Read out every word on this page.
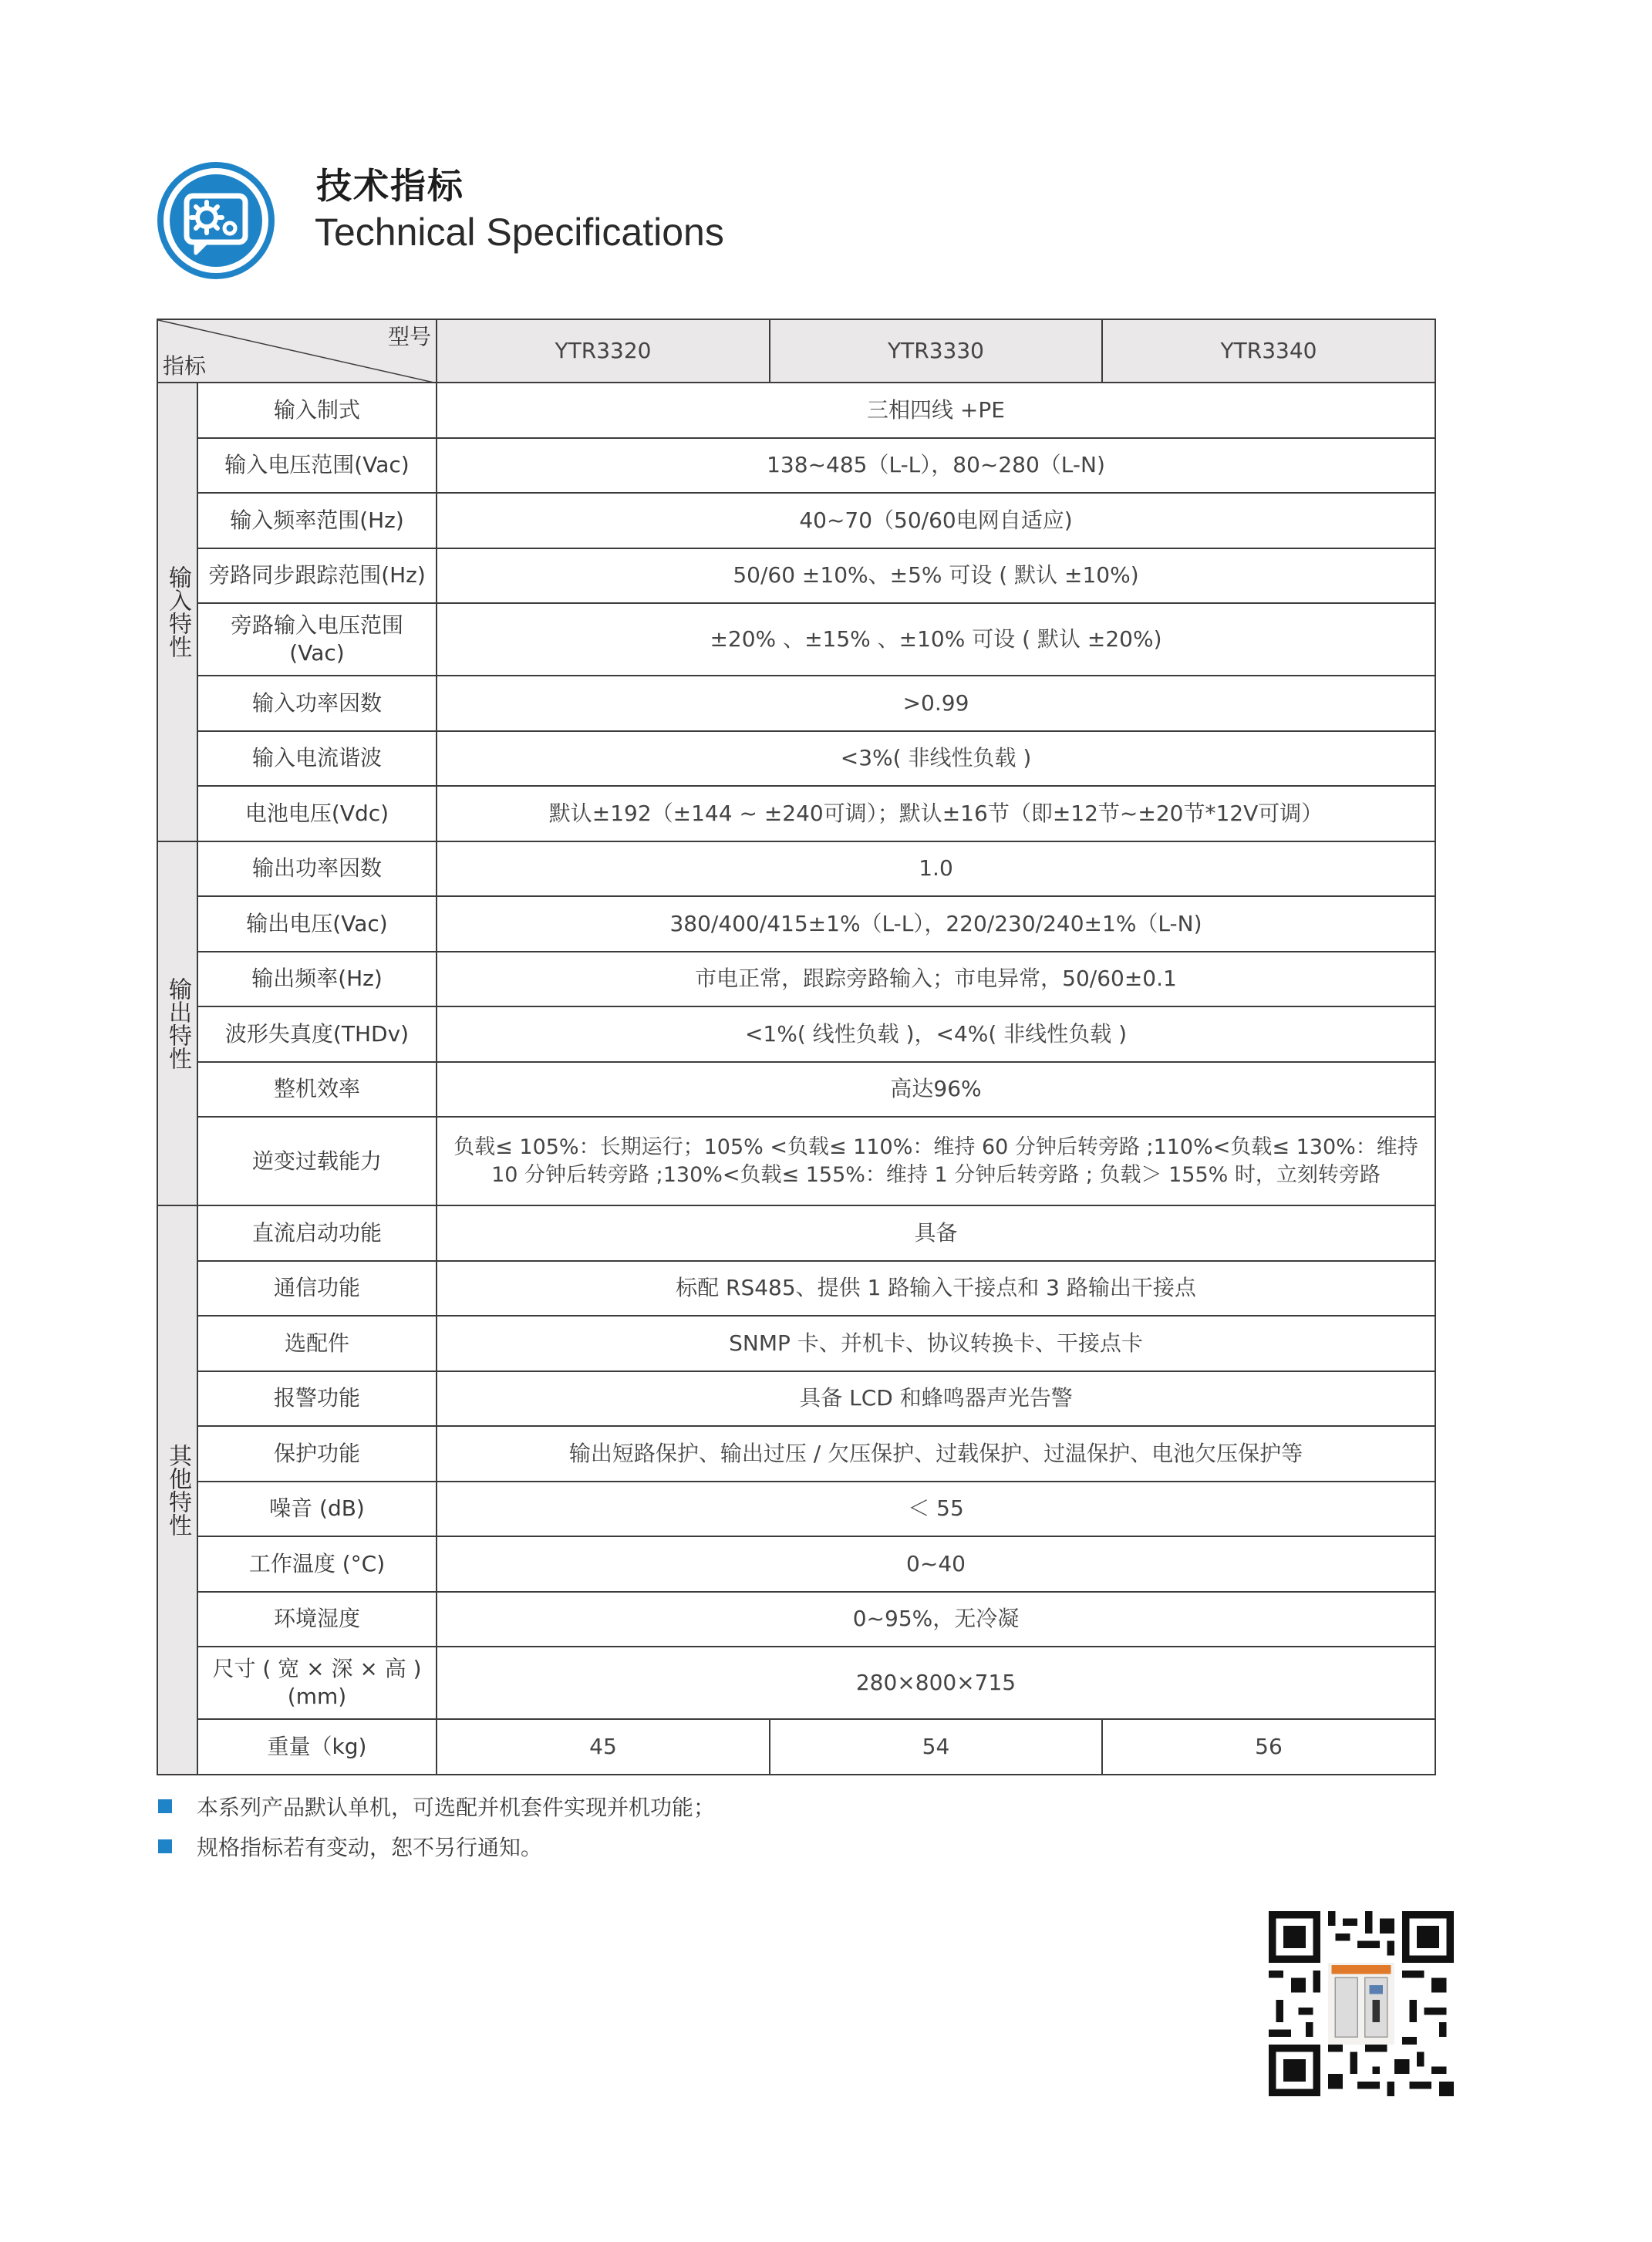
技术指标
Technical Specifications
型号
指标		YTR3320	YTR3330	YTR3340

输入特性	输入制式	三相四线 +PE		
	输入电压范围(Vac)	138~485（L-L），80~280（L-N)		
	输入频率范围(Hz)	40~70（50/60电网自适应)		
	旁路同步跟踪范围(Hz)	50/60 ±10%、±5% 可设 ( 默认 ±10%)		
	旁路输入电压范围(Vac)	±20% 、±15% 、±10% 可设 ( 默认 ±20%)		
	输入功率因数	>0.99		
	输入电流谐波	<3%( 非线性负载 )		
	电池电压(Vdc)	默认±192（±144 ~ ±240可调）；默认±16节（即±12节~±20节*12V可调）		

输出特性	输出功率因数	1.0		
	输出电压(Vac)	380/400/415±1%（L-L），220/230/240±1%（L-N)		
	输出频率(Hz)	市电正常，跟踪旁路输入；市电异常，50/60±0.1		
	波形失真度(THDv)	<1%( 线性负载 )，<4%( 非线性负载 )		
	整机效率	高达96%		
	逆变过载能力	负载≤ 105%：长期运行；105% <负载≤ 110%：维持 60 分钟后转旁路 ;110%<负载≤ 130%：维持 10 分钟后转旁路 ;130%<负载≤ 155%：维持 1 分钟后转旁路 ; 负载＞ 155% 时，立刻转旁路		

其他特性	直流启动功能	具备		
	通信功能	标配 RS485、提供 1 路输入干接点和 3 路输出干接点		
	选配件	SNMP 卡、并机卡、协议转换卡、干接点卡		
	报警功能	具备 LCD 和蜂鸣器声光告警		
	保护功能	输出短路保护、输出过压 / 欠压保护、过载保护、过温保护、电池欠压保护等		
	噪音 (dB)	＜ 55		
	工作温度 (°C)	0~40		
	环境湿度	0~95%，无冷凝		
	尺寸 ( 宽 × 深 × 高 )(mm)	280×800×715		
	重量（kg)	45	54	56
本系列产品默认单机，可选配并机套件实现并机功能；
规格指标若有变动，恕不另行通知。
